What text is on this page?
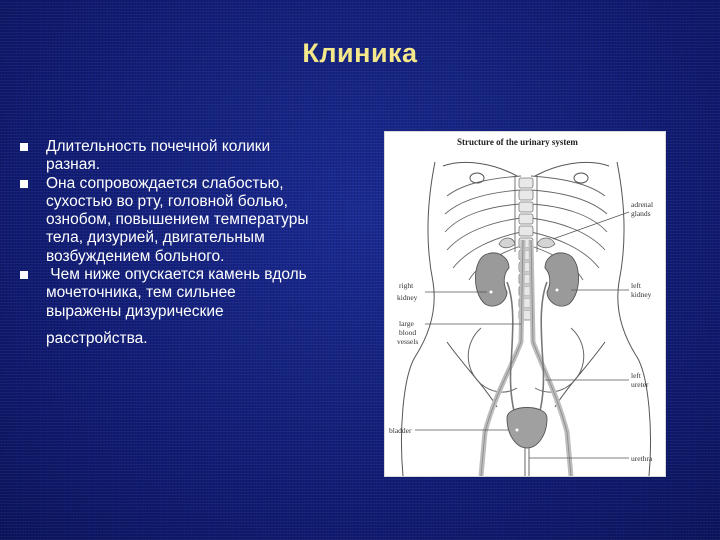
Клиника
Длительность почечной колики
разная.
Она сопровождается слабостью,
сухостью во рту, головной болью,
ознобом, повышением температуры
тела, дизурией, двигательным
возбуждением больного.
Чем ниже опускается камень вдоль
мочеточника, тем сильнее
выражены дизурические
расстройства.
Structure of the urinary system
adrenal
glands
left
kidney
right
kidney
large
blood
vessels
left
ureter
bladder
urethra
